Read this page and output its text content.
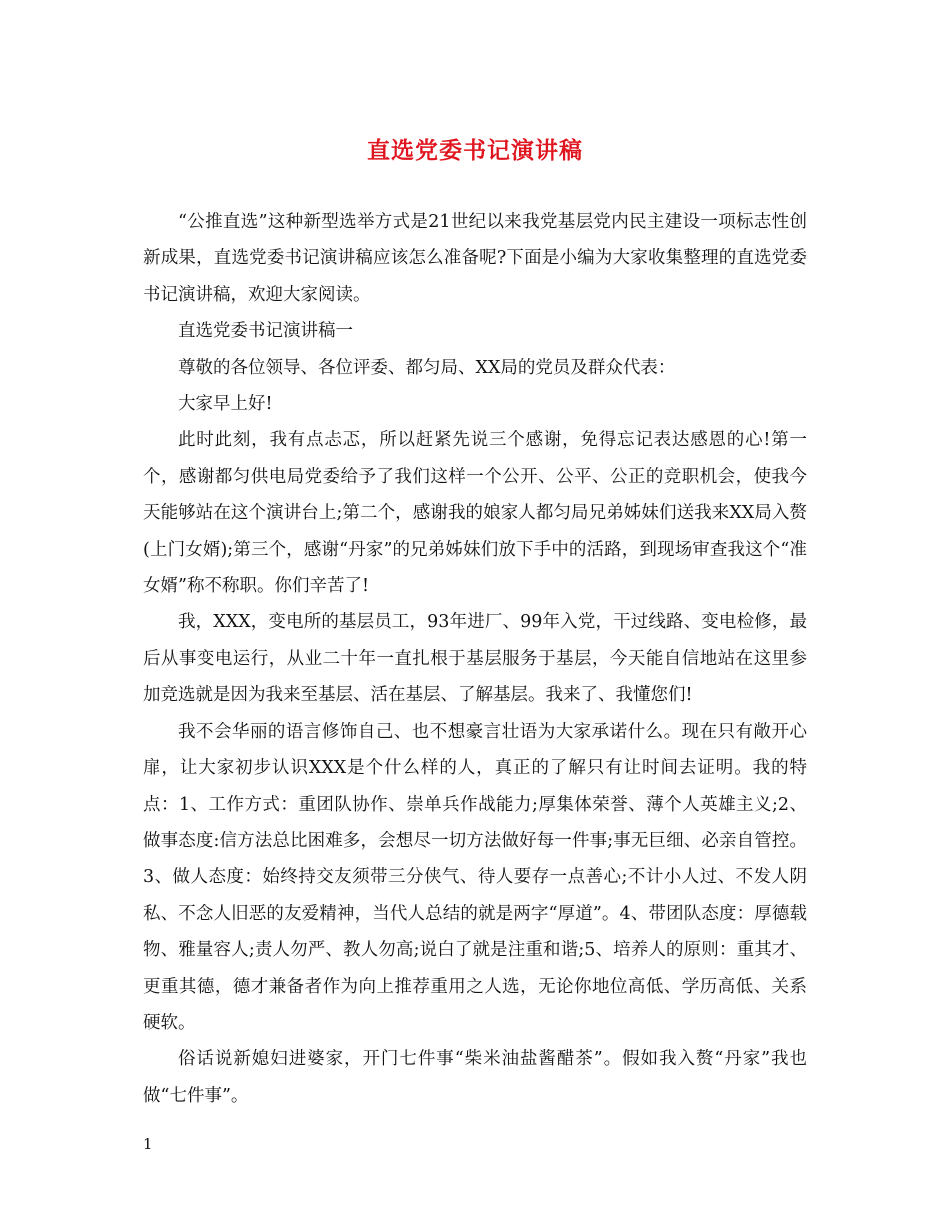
直选党委书记演讲稿

“公推直选”这种新型选举方式是21世纪以来我党基层党内民主建设一项标志性创新成果，直选党委书记演讲稿应该怎么准备呢?下面是小编为大家收集整理的直选党委书记演讲稿，欢迎大家阅读。

直选党委书记演讲稿一

尊敬的各位领导、各位评委、都匀局、XX局的党员及群众代表：

大家早上好!

此时此刻，我有点忐忑，所以赶紧先说三个感谢，免得忘记表达感恩的心!第一个，感谢都匀供电局党委给予了我们这样一个公开、公平、公正的竞职机会，使我今天能够站在这个演讲台上;第二个，感谢我的娘家人都匀局兄弟姊妹们送我来XX局入赘(上门女婿);第三个，感谢“丹家”的兄弟姊妹们放下手中的活路，到现场审查我这个“准女婿”称不称职。你们辛苦了!

我，XXX，变电所的基层员工，93年进厂、99年入党，干过线路、变电检修，最后从事变电运行，从业二十年一直扎根于基层服务于基层，今天能自信地站在这里参加竞选就是因为我来至基层、活在基层、了解基层。我来了、我懂您们!

我不会华丽的语言修饰自己、也不想豪言壮语为大家承诺什么。现在只有敞开心扉，让大家初步认识XXX是个什么样的人，真正的了解只有让时间去证明。我的特点：1、工作方式：重团队协作、崇单兵作战能力;厚集体荣誉、薄个人英雄主义;2、做事态度:信方法总比困难多，会想尽一切方法做好每一件事;事无巨细、必亲自管控。3、做人态度：始终持交友须带三分侠气、待人要存一点善心;不计小人过、不发人阴私、不念人旧恶的友爱精神，当代人总结的就是两字“厚道”。4、带团队态度：厚德载物、雅量容人;责人勿严、教人勿高;说白了就是注重和谐;5、培养人的原则：重其才、更重其德，德才兼备者作为向上推荐重用之人选，无论你地位高低、学历高低、关系硬软。

俗话说新媳妇进婆家，开门七件事“柴米油盐酱醋茶”。假如我入赘“丹家”我也做“七件事”。

1
